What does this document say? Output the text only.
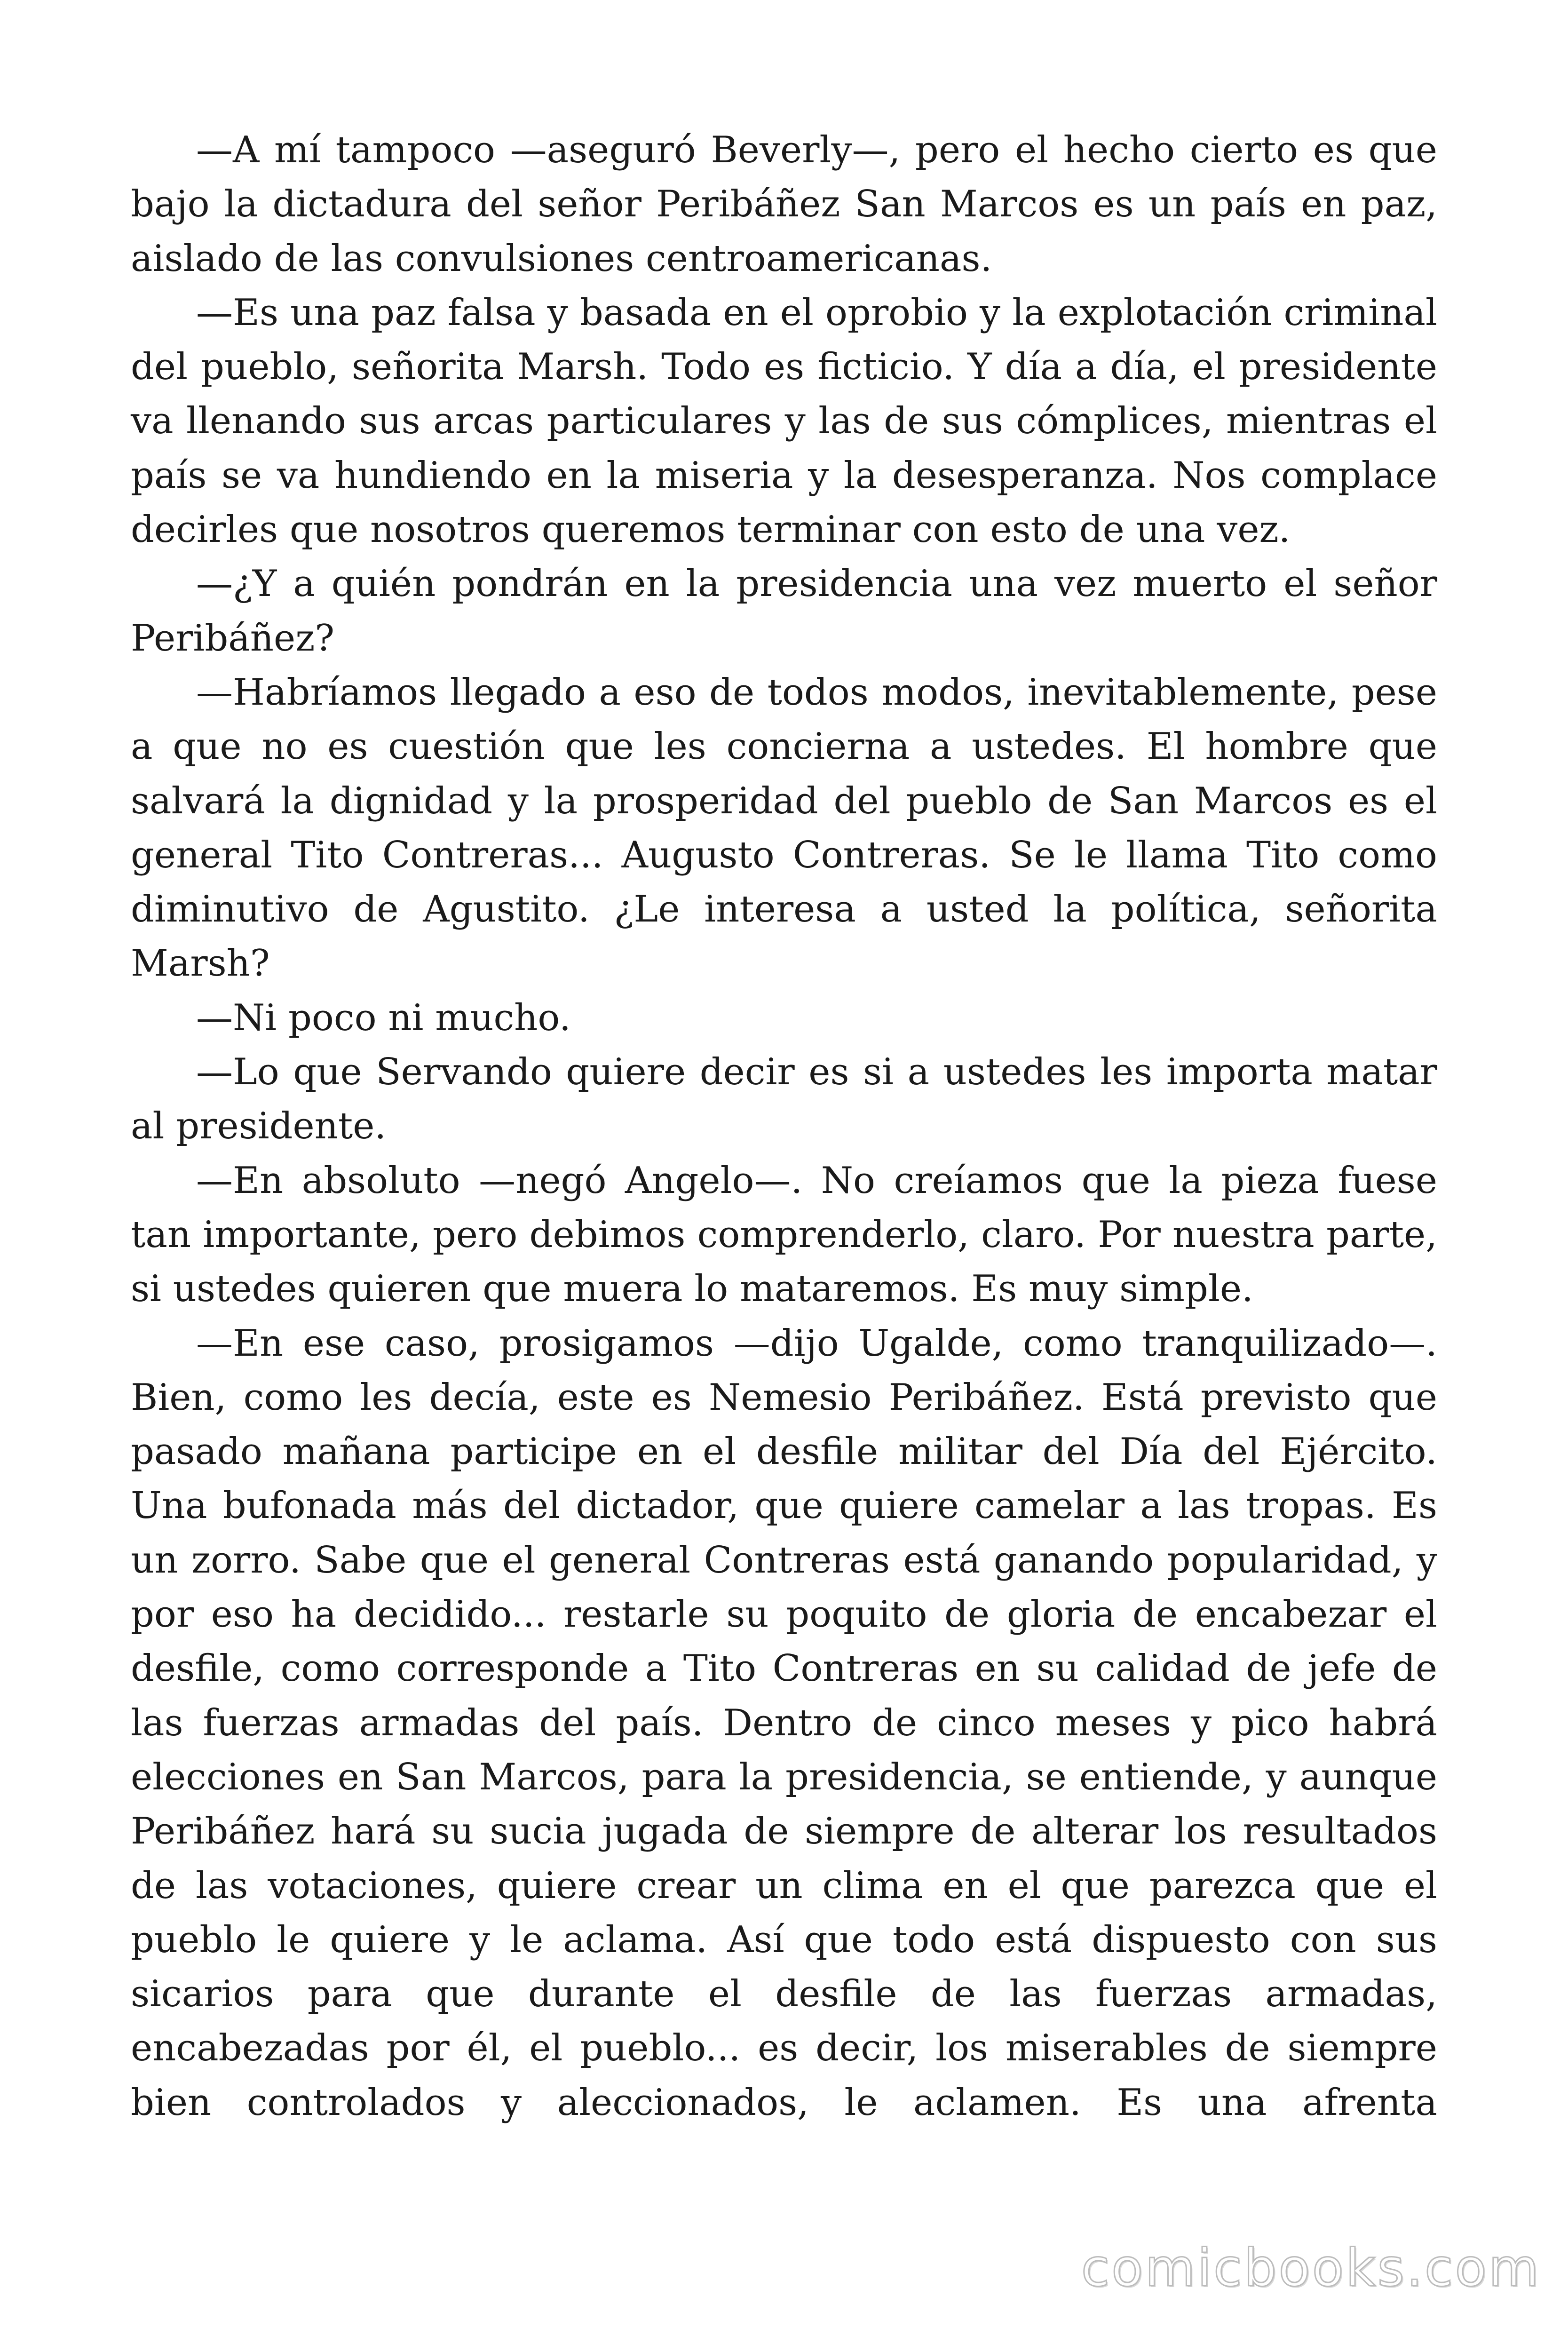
—A mí tampoco —aseguró Beverly—, pero el hecho cierto es que bajo la dictadura del señor Peribáñez San Marcos es un país en paz, aislado de las convulsiones centroamericanas.

—Es una paz falsa y basada en el oprobio y la explotación criminal del pueblo, señorita Marsh. Todo es ficticio. Y día a día, el presidente va llenando sus arcas particulares y las de sus cómplices, mientras el país se va hundiendo en la miseria y la desesperanza. Nos complace decirles que nosotros queremos terminar con esto de una vez.

—¿Y a quién pondrán en la presidencia una vez muerto el señor Peribáñez?

—Habríamos llegado a eso de todos modos, inevitablemente, pese a que no es cuestión que les concierna a ustedes. El hombre que salvará la dignidad y la prosperidad del pueblo de San Marcos es el general Tito Contreras... Augusto Contreras. Se le llama Tito como diminutivo de Agustito. ¿Le interesa a usted la política, señorita Marsh?

—Ni poco ni mucho.

—Lo que Servando quiere decir es si a ustedes les importa matar al presidente.

—En absoluto —negó Angelo—. No creíamos que la pieza fuese tan importante, pero debimos comprenderlo, claro. Por nuestra parte, si ustedes quieren que muera lo mataremos. Es muy simple.

—En ese caso, prosigamos —dijo Ugalde, como tranquilizado—. Bien, como les decía, este es Nemesio Peribáñez. Está previsto que pasado mañana participe en el desfile militar del Día del Ejército. Una bufonada más del dictador, que quiere camelar a las tropas. Es un zorro. Sabe que el general Contreras está ganando popularidad, y por eso ha decidido... restarle su poquito de gloria de encabezar el desfile, como corresponde a Tito Contreras en su calidad de jefe de las fuerzas armadas del país. Dentro de cinco meses y pico habrá elecciones en San Marcos, para la presidencia, se entiende, y aunque Peribáñez hará su sucia jugada de siempre de alterar los resultados de las votaciones, quiere crear un clima en el que parezca que el pueblo le quiere y le aclama. Así que todo está dispuesto con sus sicarios para que durante el desfile de las fuerzas armadas, encabezadas por él, el pueblo... es decir, los miserables de siempre bien controlados y aleccionados, le aclamen. Es una afrenta

comicbooks.com
